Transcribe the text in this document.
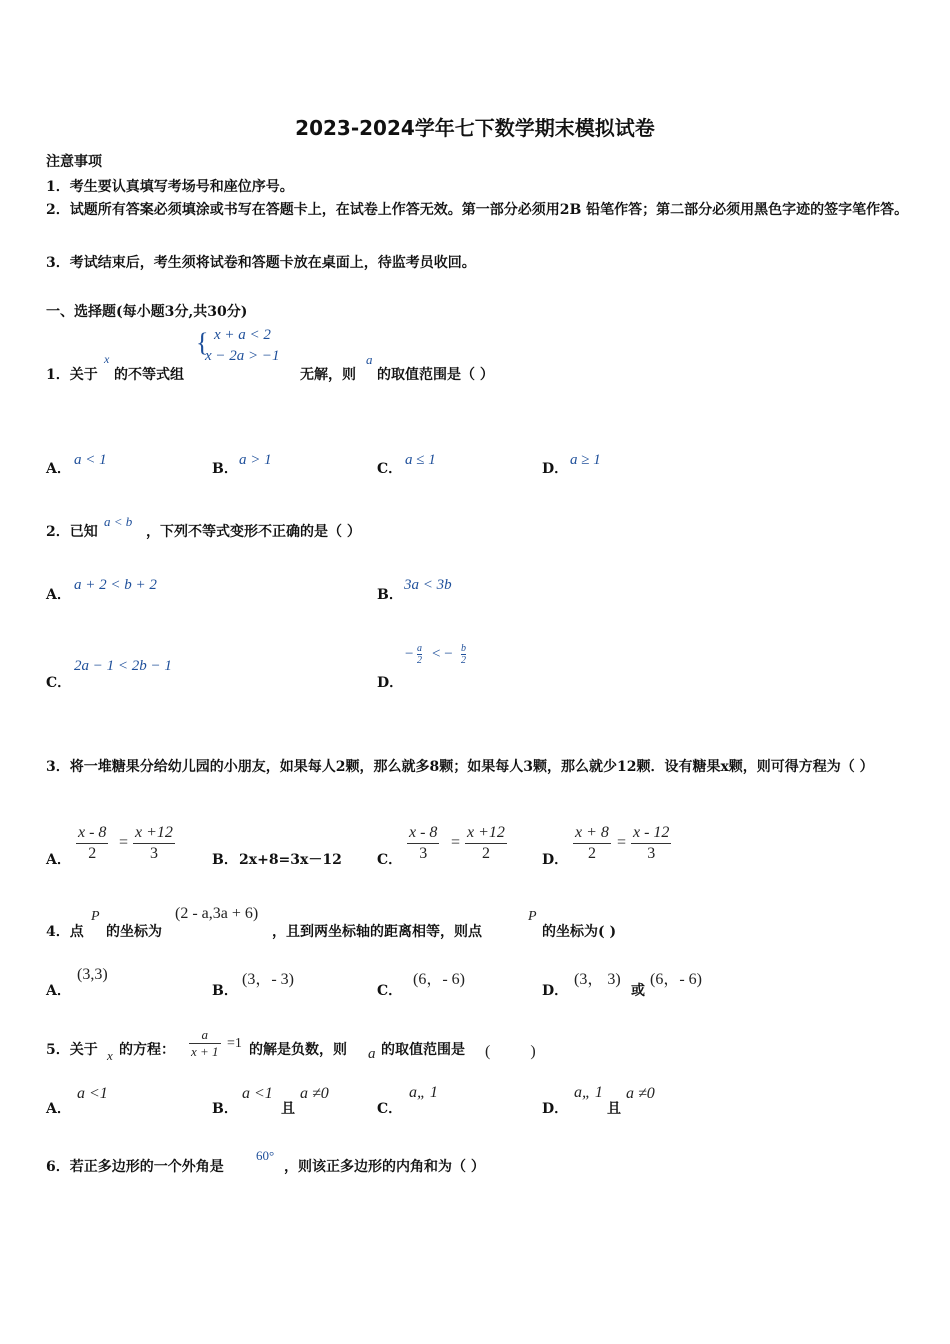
2023-2024学年七下数学期末模拟试卷
注意事项
1．考生要认真填写考场号和座位序号。
2．试题所有答案必须填涂或书写在答题卡上，在试卷上作答无效。第一部分必须用2B 铅笔作答；第二部分必须用黑色字迹的签字笔作答。
3．考试结束后，考生须将试卷和答题卡放在桌面上，待监考员收回。
一、选择题(每小题3分,共30分)
1．关于
x
的不等式组
{ x + a < 2
x − 2a > −1
无解，则
a
的取值范围是（ ）
A．
a < 1
B．
a > 1
C．
a ≤ 1
D．
a ≥ 1
2．已知
a < b
，下列不等式变形不正确的是（ ）
A．
a + 2 < b + 2
B．
3a < 3b
C．
2a − 1 < 2b − 1
D．
− $\frac{a}{2}$ < − $\frac{b}{2}$
3．将一堆糖果分给幼儿园的小朋友，如果每人2颗，那么就多8颗；如果每人3颗，那么就少12颗．设有糖果x颗，则可得方程为（ ）
A． $\frac{x - 8}{2} = \frac{x +12}{3}$	B． 2x+8=3x－12	C． $\frac{x - 8}{3} = \frac{x +12}{2}$	D． $\frac{x + 8}{2} = \frac{x - 12}{3}$
4．点
P
的坐标为
(2 - a,3a + 6)
，且到两坐标轴的距离相等，则点
P
的坐标为( )
A．
(3,3)
B．
(3，- 3)
C．
(6，- 6)
D．
(3， 3)
或
(6，- 6)
5．关于 x 的方程： $\frac{a}{x + 1} =1$ 的解是负数，则 a 的取值范围是 (          )
A．
a <1
B．
a <1
且
a ≠0
C．
a„ 1
D．
a„ 1
且
a ≠0
6．若正多边形的一个外角是
60°
，则该正多边形的内角和为（ ）
